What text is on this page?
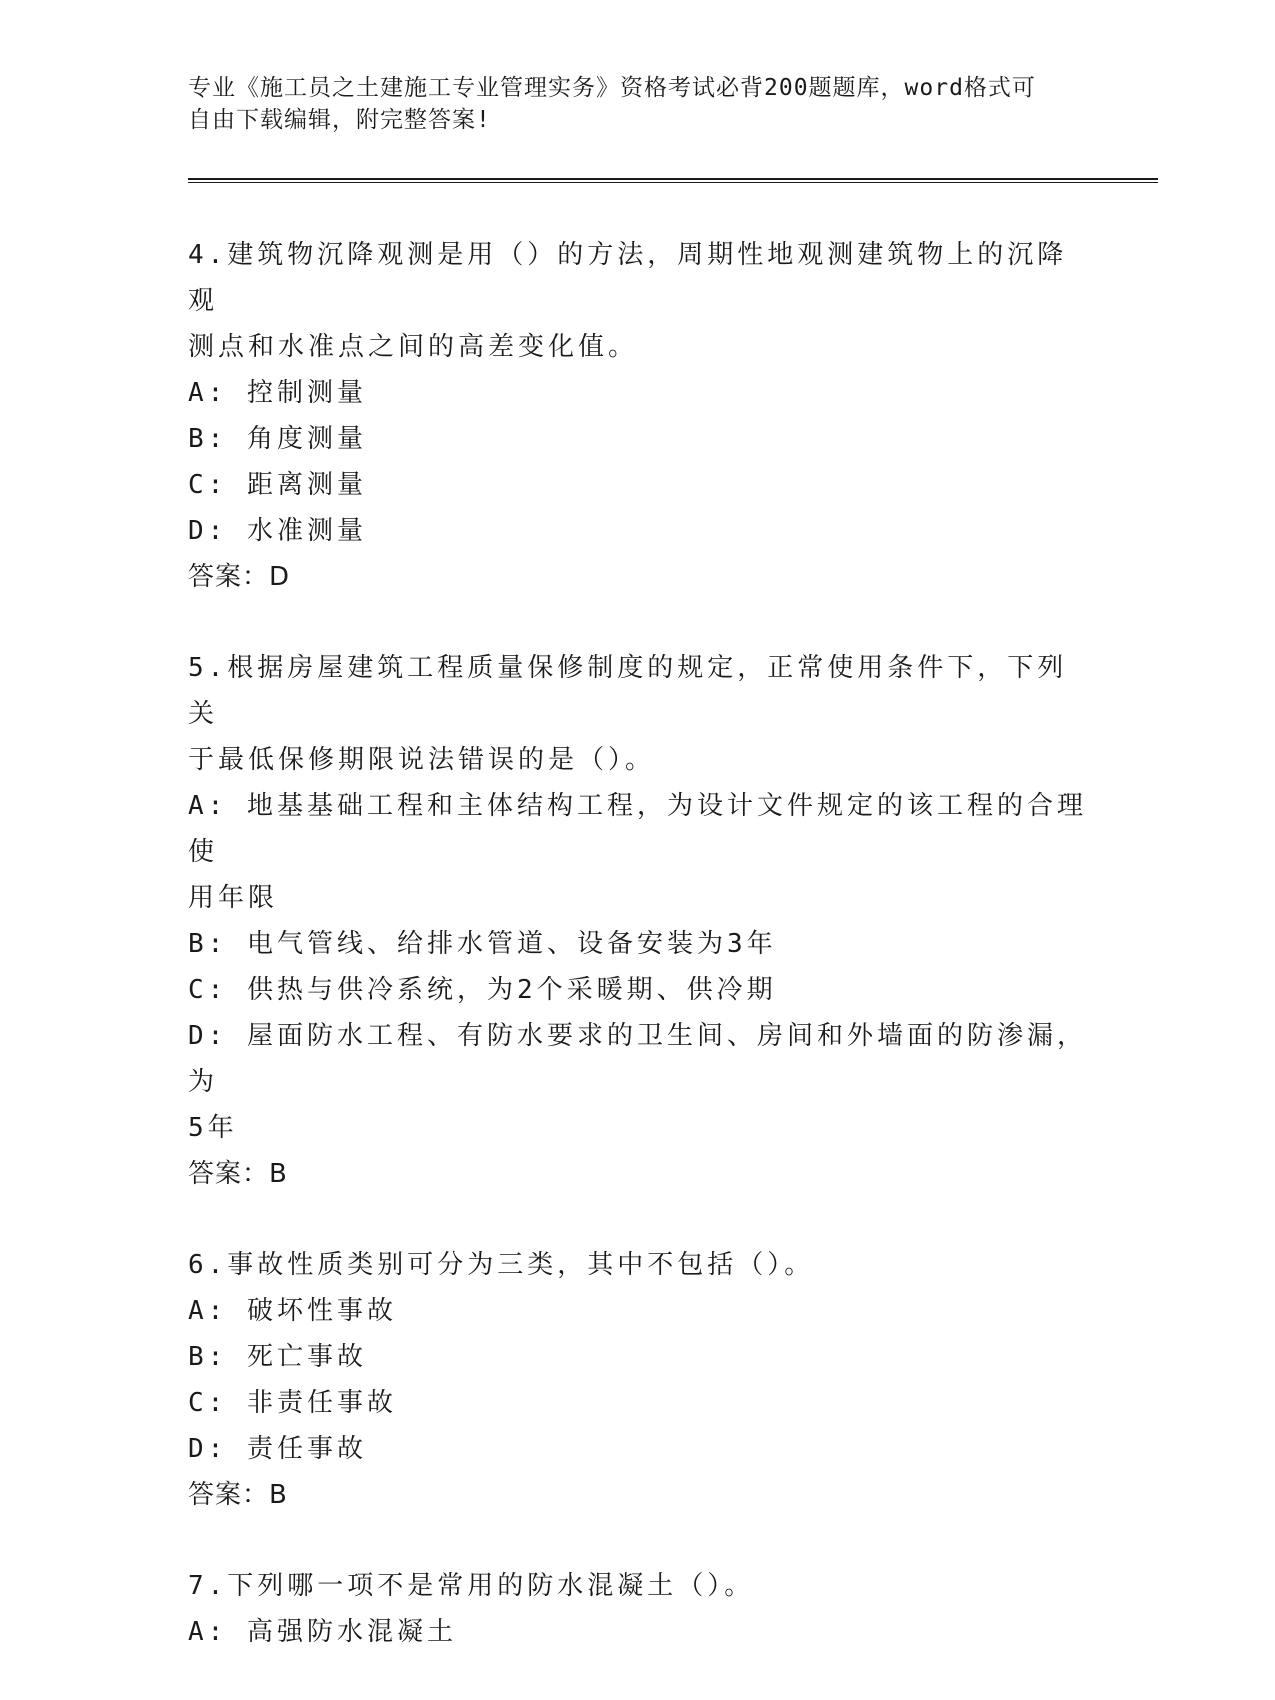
专业《施工员之土建施工专业管理实务》资格考试必背200题题库，word格式可
自由下载编辑，附完整答案!

4.建筑物沉降观测是用（）的方法，周期性地观测建筑物上的沉降观

测点和水准点之间的高差变化值。

A: 控制测量

B: 角度测量

C: 距离测量

D: 水准测量

答案：D

5.根据房屋建筑工程质量保修制度的规定，正常使用条件下，下列关

于最低保修期限说法错误的是（）。

A: 地基基础工程和主体结构工程，为设计文件规定的该工程的合理使

用年限

B: 电气管线、给排水管道、设备安装为3年

C: 供热与供冷系统，为2个采暖期、供冷期

D: 屋面防水工程、有防水要求的卫生间、房间和外墙面的防渗漏，为

5年

答案：B

6.事故性质类别可分为三类，其中不包括（）。

A: 破坏性事故

B: 死亡事故

C: 非责任事故

D: 责任事故

答案：B

7.下列哪一项不是常用的防水混凝土（）。

A: 高强防水混凝土
